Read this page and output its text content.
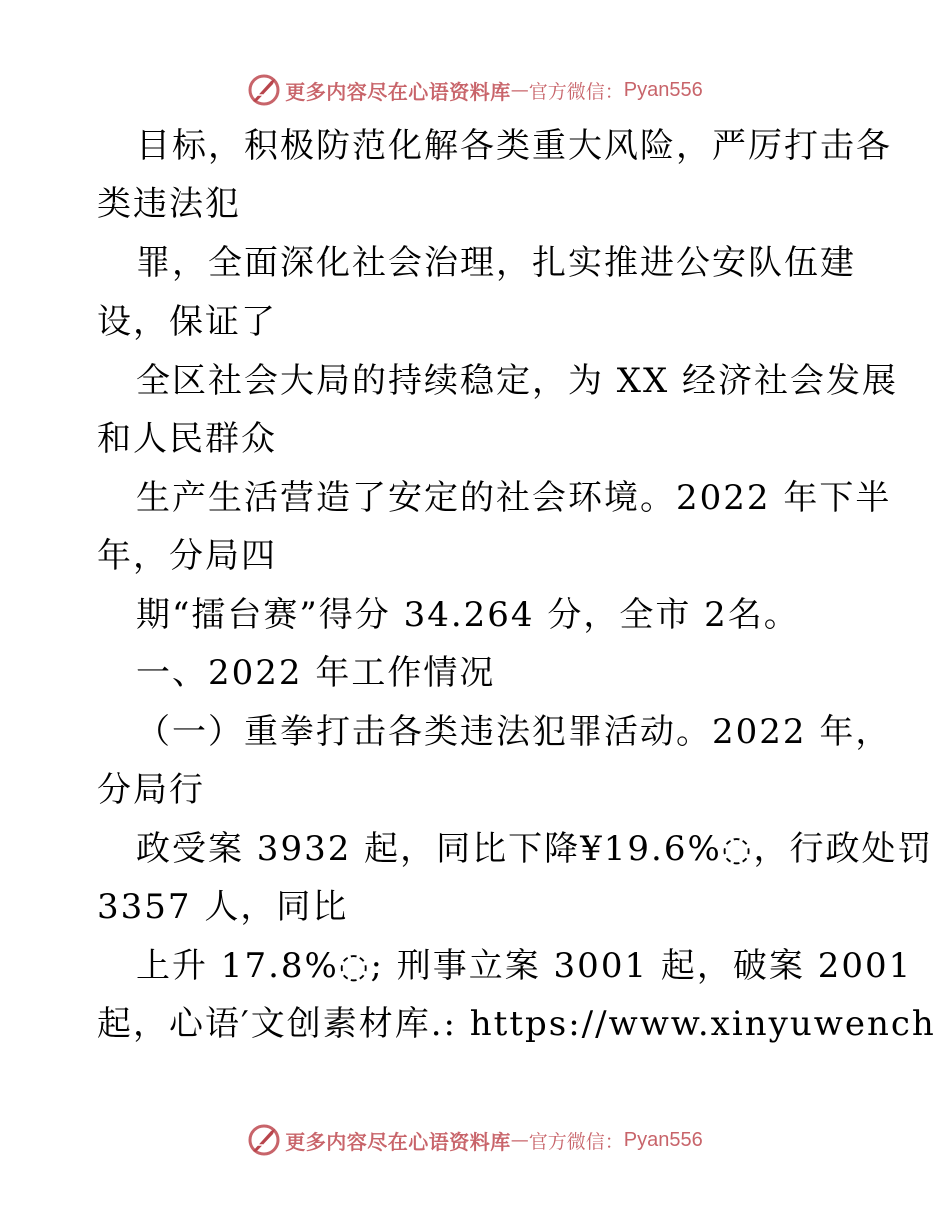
更多内容尽在心语资料库 — 官方微信： Pyan556
目标，积极防范化解各类重大风险，严厉打击各
类违法犯
罪，全面深化社会治理，扎实推进公安队伍建
设，保证了
全区社会大局的持续稳定，为 XX 经济社会发展
和人民群众
生产生活营造了安定的社会环境。2022 年下半
年，分局四
期“擂台赛”得分 34.264 分，全市 2名。
一、2022 年工作情况
（一）重拳打击各类违法犯罪活动。2022 年，
分局行
政受案 3932 起，同比下降¥19.6%◌，行政处罚
3357 人，同比
上升 17.8%◌; 刑事立案 3001 起，破案 2001
起，心语′文创素材库.: https://www.xinyuwench
更多内容尽在心语资料库 — 官方微信： Pyan556
